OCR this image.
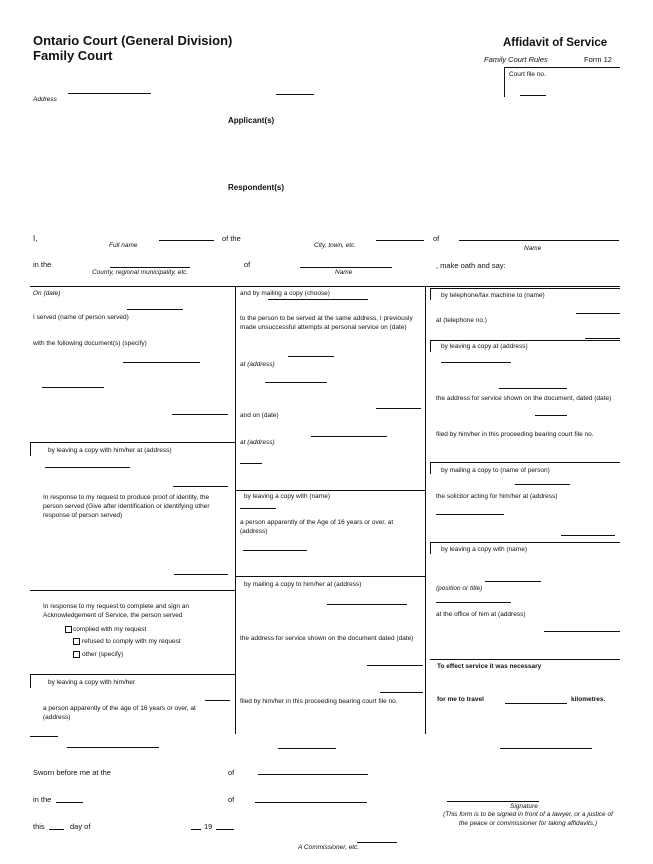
Ontario Court (General Division)
Family Court
Affidavit of Service
Family Court Rules	Form 12
Court file no.
Address
Applicant(s)
Respondent(s)
I,
Full name
of the
City, town, etc.
of
Name
in the
County, regional municipality, etc.
of
Name
, make oath and say:
On (date)
I served (name of person served)
with the following document(s) (specify)
by leaving a copy with him/her at (address)
In response to my request to produce proof of identity, the person served (Give after identification or identifying other response of person served)
In response to my request to complete and sign an Acknowledgement of Service, the person served
complied with my request
refused to comply with my request
other (specify)
by leaving a copy with him/her
a person apparently of the age of 16 years or over, at (address)
and by mailing a copy (choose)
to the person to be served at the same address, I previously made unsuccessful attempts at personal service on (date)
at (address)
and on (date)
at (address)
by leaving a copy with (name)
a person apparently of the Age of 16 years or over, at (address)
by mailing a copy to him/her at (address)
the address for service shown on the document dated (date)
filed by him/her in this proceeding bearing court file no.
by telephone/fax machine to (name)
at (telephone no.)
by leaving a copy at (address)
the address for service shown on the document, dated (date)
filed by him/her in this proceeding bearing court file no.
by mailing a copy to (name of person)
the solicitor acting for him/her at (address)
by leaving a copy with (name)
(position or title)
at the office of him at (address)
To effect service it was necessary
for me to travel	kilometres.
Sworn before me at the	of
in the	of
Signature
(This form is to be signed in front of a lawyer, or a justice of the peace or commissioner for taking affidavits.)
this	day of	19
A Commissioner, etc.
